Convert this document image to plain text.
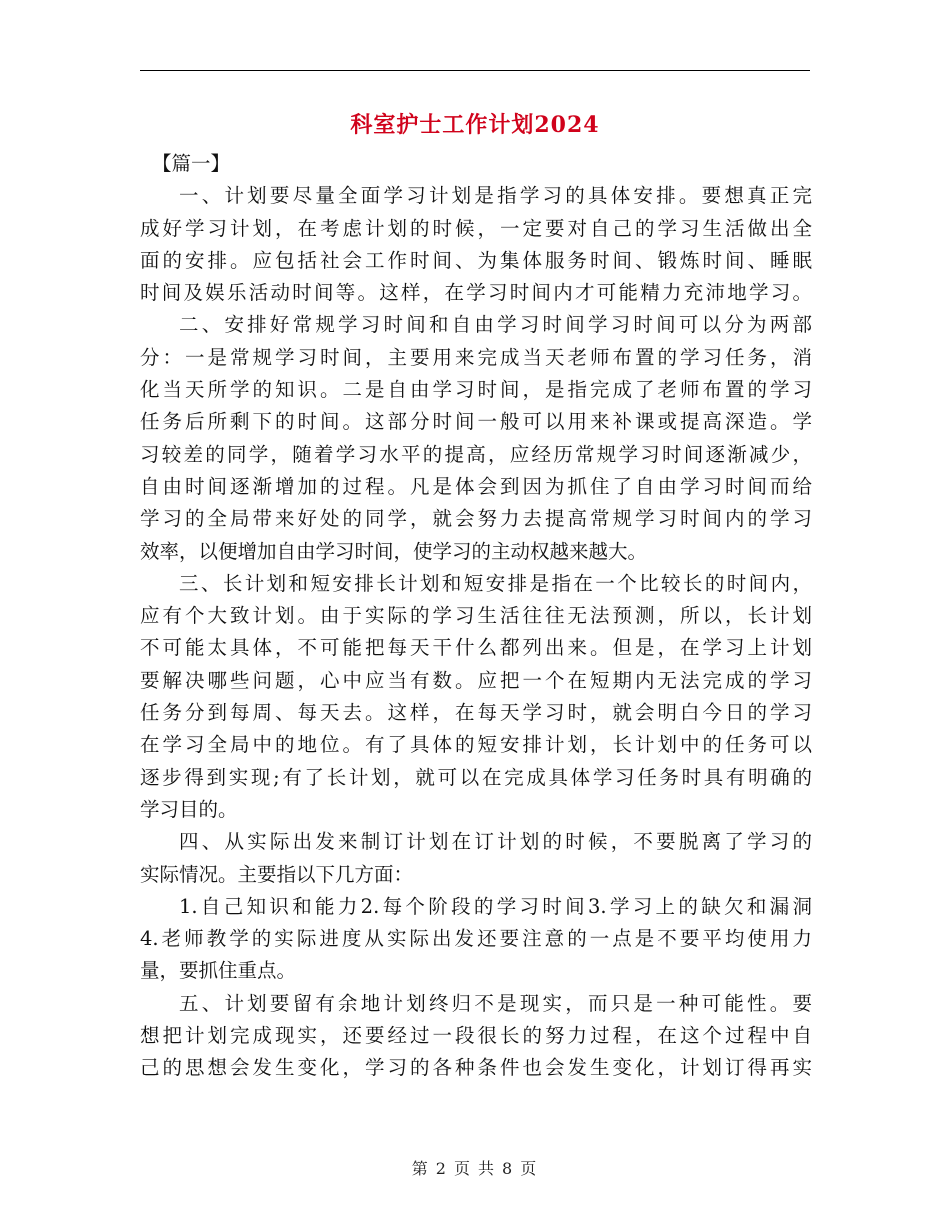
科室护士工作计划2024
【篇一】
一、计划要尽量全面学习计划是指学习的具体安排。要想真正完
成好学习计划，在考虑计划的时候，一定要对自己的学习生活做出全
面的安排。应包括社会工作时间、为集体服务时间、锻炼时间、睡眠
时间及娱乐活动时间等。这样，在学习时间内才可能精力充沛地学习。
二、安排好常规学习时间和自由学习时间学习时间可以分为两部
分：一是常规学习时间，主要用来完成当天老师布置的学习任务，消
化当天所学的知识。二是自由学习时间，是指完成了老师布置的学习
任务后所剩下的时间。这部分时间一般可以用来补课或提高深造。学
习较差的同学，随着学习水平的提高，应经历常规学习时间逐渐减少，
自由时间逐渐增加的过程。凡是体会到因为抓住了自由学习时间而给
学习的全局带来好处的同学，就会努力去提高常规学习时间内的学习
效率，以便增加自由学习时间，使学习的主动权越来越大。
三、长计划和短安排长计划和短安排是指在一个比较长的时间内，
应有个大致计划。由于实际的学习生活往往无法预测，所以，长计划
不可能太具体，不可能把每天干什么都列出来。但是，在学习上计划
要解决哪些问题，心中应当有数。应把一个在短期内无法完成的学习
任务分到每周、每天去。这样，在每天学习时，就会明白今日的学习
在学习全局中的地位。有了具体的短安排计划，长计划中的任务可以
逐步得到实现;有了长计划，就可以在完成具体学习任务时具有明确的
学习目的。
四、从实际出发来制订计划在订计划的时候，不要脱离了学习的
实际情况。主要指以下几方面：
1.自己知识和能力2.每个阶段的学习时间3.学习上的缺欠和漏洞
4.老师教学的实际进度从实际出发还要注意的一点是不要平均使用力
量，要抓住重点。
五、计划要留有余地计划终归不是现实，而只是一种可能性。要
想把计划完成现实，还要经过一段很长的努力过程，在这个过程中自
己的思想会发生变化，学习的各种条件也会发生变化，计划订得再实
第 2 页 共 8 页
